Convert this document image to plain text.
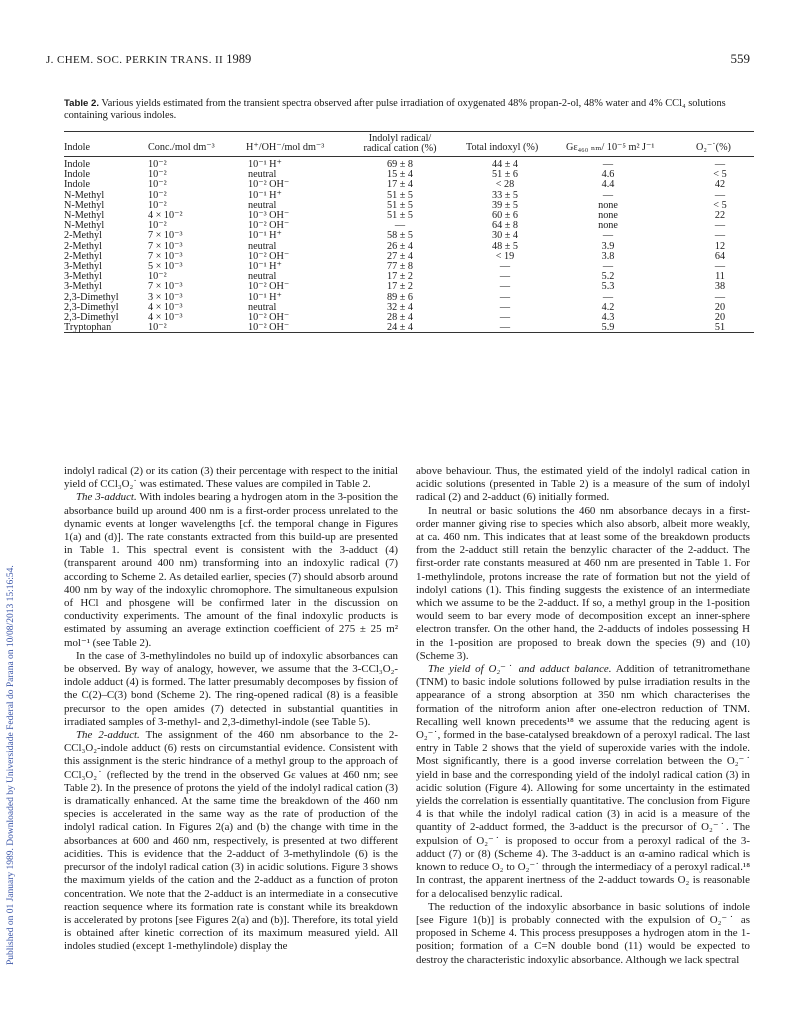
J. CHEM. SOC. PERKIN TRANS. II 1989	559
Published on 01 January 1989. Downloaded by Universidade Federal do Parana on 10/08/2013 15:16:54.

Table 2. Various yields estimated from the transient spectra observed after pulse irradiation of oxygenated 48% propan-2-ol, 48% water and 4% CCl₄ solutions containing various indoles.

Indole	Conc./mol dm⁻³	H⁺/OH⁻/mol dm⁻³
Indolyl radical/
radical cation (%)	Total indoxyl (%)	Gε₄₆₀ ₙₘ/ 10⁻⁵ m² J⁻¹	O₂⁻˙(%)
Indole	10⁻²	10⁻¹ H⁺	69 ± 8	44 ± 4	—	—
Indole	10⁻²	neutral	15 ± 4	51 ± 6	4.6	< 5
Indole	10⁻²	10⁻² OH⁻	17 ± 4	< 28	4.4	42
N-Methyl	10⁻²	10⁻¹ H⁺	51 ± 5	33 ± 5	—	—
N-Methyl	10⁻²	neutral	51 ± 5	39 ± 5	none	< 5
N-Methyl	4 × 10⁻²	10⁻³ OH⁻	51 ± 5	60 ± 6	none	22
N-Methyl	10⁻²	10⁻² OH⁻	—	64 ± 8	none	—
2-Methyl	7 × 10⁻³	10⁻¹ H⁺	58 ± 5	30 ± 4	—	—
2-Methyl	7 × 10⁻³	neutral	26 ± 4	48 ± 5	3.9	12
2-Methyl	7 × 10⁻³	10⁻² OH⁻	27 ± 4	< 19	3.8	64
3-Methyl	5 × 10⁻³	10⁻¹ H⁺	77 ± 8	—	—	—
3-Methyl	10⁻²	neutral	17 ± 2	—	5.2	11
3-Methyl	7 × 10⁻³	10⁻² OH⁻	17 ± 2	—	5.3	38
2,3-Dimethyl	3 × 10⁻³	10⁻¹ H⁺	89 ± 6	—	—	—
2,3-Dimethyl	4 × 10⁻³	neutral	32 ± 4	—	4.2	20
2,3-Dimethyl	4 × 10⁻³	10⁻² OH⁻	28 ± 4	—	4.3	20
Tryptophan	10⁻²	10⁻² OH⁻	24 ± 4	—	5.9	51

indolyl radical (2) or its cation (3) their percentage with respect to the initial yield of CCl₃O₂˙ was estimated. These values are compiled in Table 2.

The 3-adduct. With indoles bearing a hydrogen atom in the 3-position the absorbance build up around 400 nm is a first-order process unrelated to the dynamic events at longer wavelengths [cf. the temporal change in Figures 1(a) and (d)]. The rate constants extracted from this build-up are presented in Table 1. This spectral event is consistent with the 3-adduct (4) (transparent around 400 nm) transforming into an indoxylic radical (7) according to Scheme 2. As detailed earlier, species (7) should absorb around 400 nm by way of the indoxylic chromophore. The simultaneous expulsion of HCl and phosgene will be confirmed later in the discussion on conductivity experiments. The amount of the final indoxylic products is estimated by assuming an average extinction coefficient of 275 ± 25 m² mol⁻¹ (see Table 2).

In the case of 3-methylindoles no build up of indoxylic absorbances can be observed. By way of analogy, however, we assume that the 3-CCl₃O₂-indole adduct (4) is formed. The latter presumably decomposes by fission of the C(2)–C(3) bond (Scheme 2). The ring-opened radical (8) is a feasible precursor to the open amides (7) detected in substantial quantities in irradiated samples of 3-methyl- and 2,3-dimethyl-indole (see Table 5).

The 2-adduct. The assignment of the 460 nm absorbance to the 2-CCl₃O₂-indole adduct (6) rests on circumstantial evidence. Consistent with this assignment is the steric hindrance of a methyl group to the approach of CCl₃O₂˙ (reflected by the trend in the observed Gε values at 460 nm; see Table 2). In the presence of protons the yield of the indolyl radical cation (3) is dramatically enhanced. At the same time the breakdown of the 460 nm species is accelerated in the same way as the rate of production of the indolyl radical cation. In Figures 2(a) and (b) the change with time in the absorbances at 600 and 460 nm, respectively, is presented at two different acidities. This is evidence that the 2-adduct of 3-methylindole (6) is the precursor of the indolyl radical cation (3) in acidic solutions. Figure 3 shows the maximum yields of the cation and the 2-adduct as a function of proton concentration. We note that the 2-adduct is an intermediate in a consecutive reaction sequence where its formation rate is constant while its breakdown is accelerated by protons [see Figures 2(a) and (b)]. Therefore, its total yield is obtained after kinetic correction of its maximum measured yield. All indoles studied (except 1-methylindole) display the

above behaviour. Thus, the estimated yield of the indolyl radical cation in acidic solutions (presented in Table 2) is a measure of the sum of indolyl radical (2) and 2-adduct (6) initially formed.

In neutral or basic solutions the 460 nm absorbance decays in a first-order manner giving rise to species which also absorb, albeit more weakly, at ca. 460 nm. This indicates that at least some of the breakdown products from the 2-adduct still retain the benzylic character of the 2-adduct. The first-order rate constants measured at 460 nm are presented in Table 1. For 1-methylindole, protons increase the rate of formation but not the yield of indolyl cations (1). This finding suggests the existence of an intermediate which we assume to be the 2-adduct. If so, a methyl group in the 1-position would seem to bar every mode of decomposition except an inner-sphere electron transfer. On the other hand, the 2-adducts of indoles possessing H in the 1-position are proposed to break down the species (9) and (10) (Scheme 3).

The yield of O₂⁻˙ and adduct balance. Addition of tetranitromethane (TNM) to basic indole solutions followed by pulse irradiation results in the appearance of a strong absorption at 350 nm which characterises the formation of the nitroform anion after one-electron reduction of TNM. Recalling well known precedents¹⁸ we assume that the reducing agent is O₂⁻˙, formed in the base-catalysed breakdown of a peroxyl radical. The last entry in Table 2 shows that the yield of superoxide varies with the indole. Most significantly, there is a good inverse correlation between the O₂⁻˙ yield in base and the corresponding yield of the indolyl radical cation (3) in acidic solution (Figure 4). Allowing for some uncertainty in the estimated yields the correlation is essentially quantitative. The conclusion from Figure 4 is that while the indolyl radical cation (3) in acid is a measure of the quantity of 2-adduct formed, the 3-adduct is the precursor of O₂⁻˙. The expulsion of O₂⁻˙ is proposed to occur from a peroxyl radical of the 3-adduct (7) or (8) (Scheme 4). The 3-adduct is an α-amino radical which is known to reduce O₂ to O₂⁻˙ through the intermediacy of a peroxyl radical.¹⁸ In contrast, the apparent inertness of the 2-adduct towards O₂ is reasonable for a delocalised benzylic radical.

The reduction of the indoxylic absorbance in basic solutions of indole [see Figure 1(b)] is probably connected with the expulsion of O₂⁻˙ as proposed in Scheme 4. This process presupposes a hydrogen atom in the 1-position; formation of a C=N double bond (11) would be expected to destroy the characteristic indoxylic absorbance. Although we lack spectral
